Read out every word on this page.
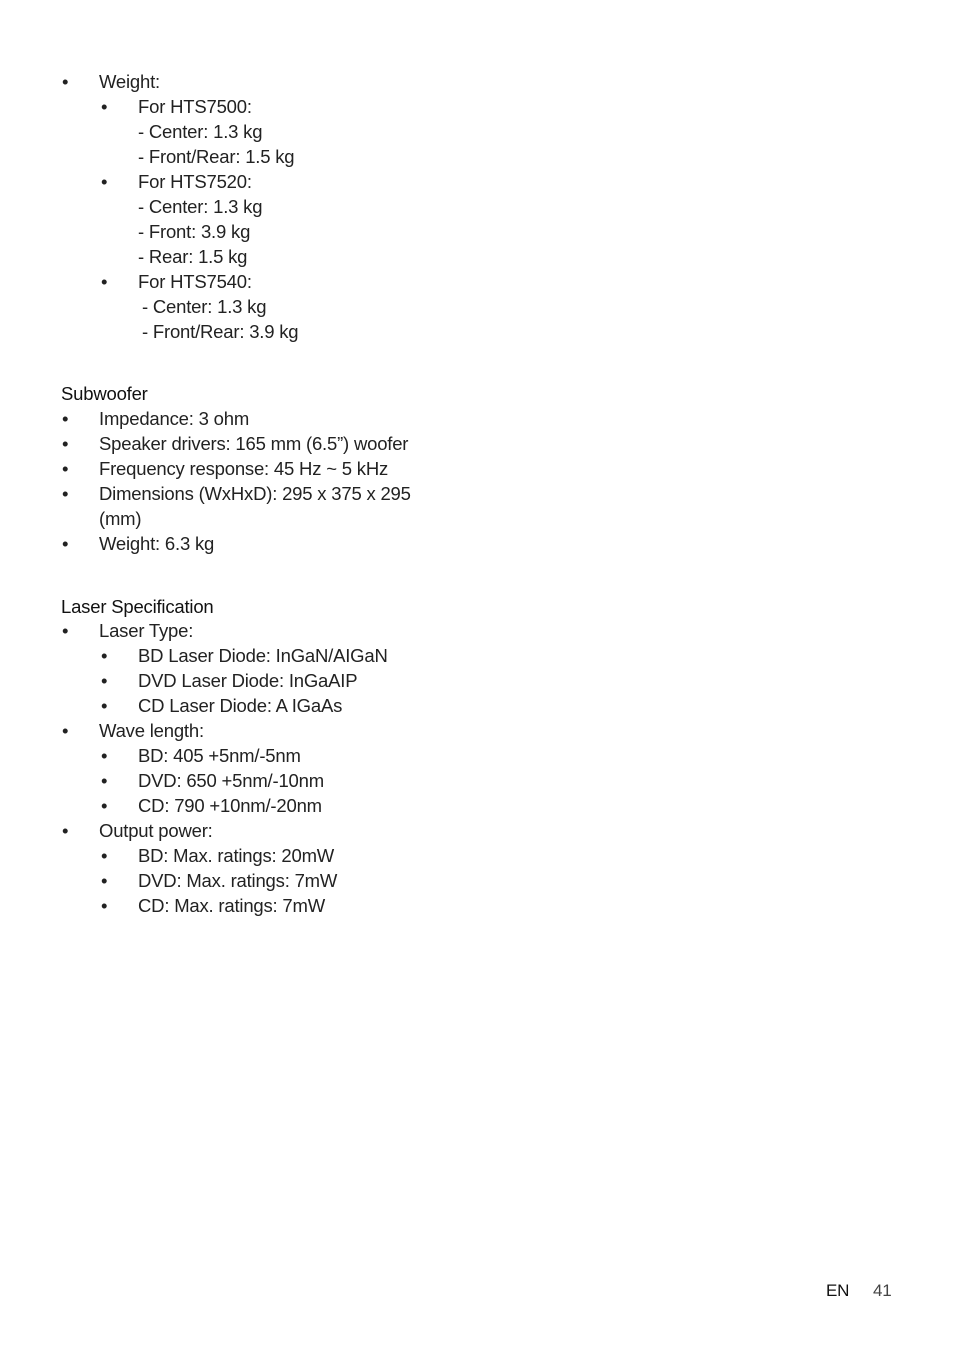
• Weight:
• For HTS7500:
- Center: 1.3 kg
- Front/Rear: 1.5 kg
• For HTS7520:
- Center: 1.3 kg
- Front: 3.9 kg
- Rear: 1.5 kg
• For HTS7540:
- Center: 1.3 kg
- Front/Rear: 3.9 kg
Subwoofer
• Impedance: 3 ohm
• Speaker drivers: 165 mm (6.5”) woofer
• Frequency response: 45 Hz ~ 5 kHz
• Dimensions (WxHxD): 295 x 375 x 295
(mm)
• Weight: 6.3 kg
Laser Specification
• Laser Type:
• BD Laser Diode: InGaN/AIGaN
• DVD Laser Diode: InGaAIP
• CD Laser Diode: A IGaAs
• Wave length:
• BD: 405 +5nm/-5nm
• DVD: 650 +5nm/-10nm
• CD: 790 +10nm/-20nm
• Output power:
• BD: Max. ratings: 20mW
• DVD: Max. ratings: 7mW
• CD: Max. ratings: 7mW
EN 41
